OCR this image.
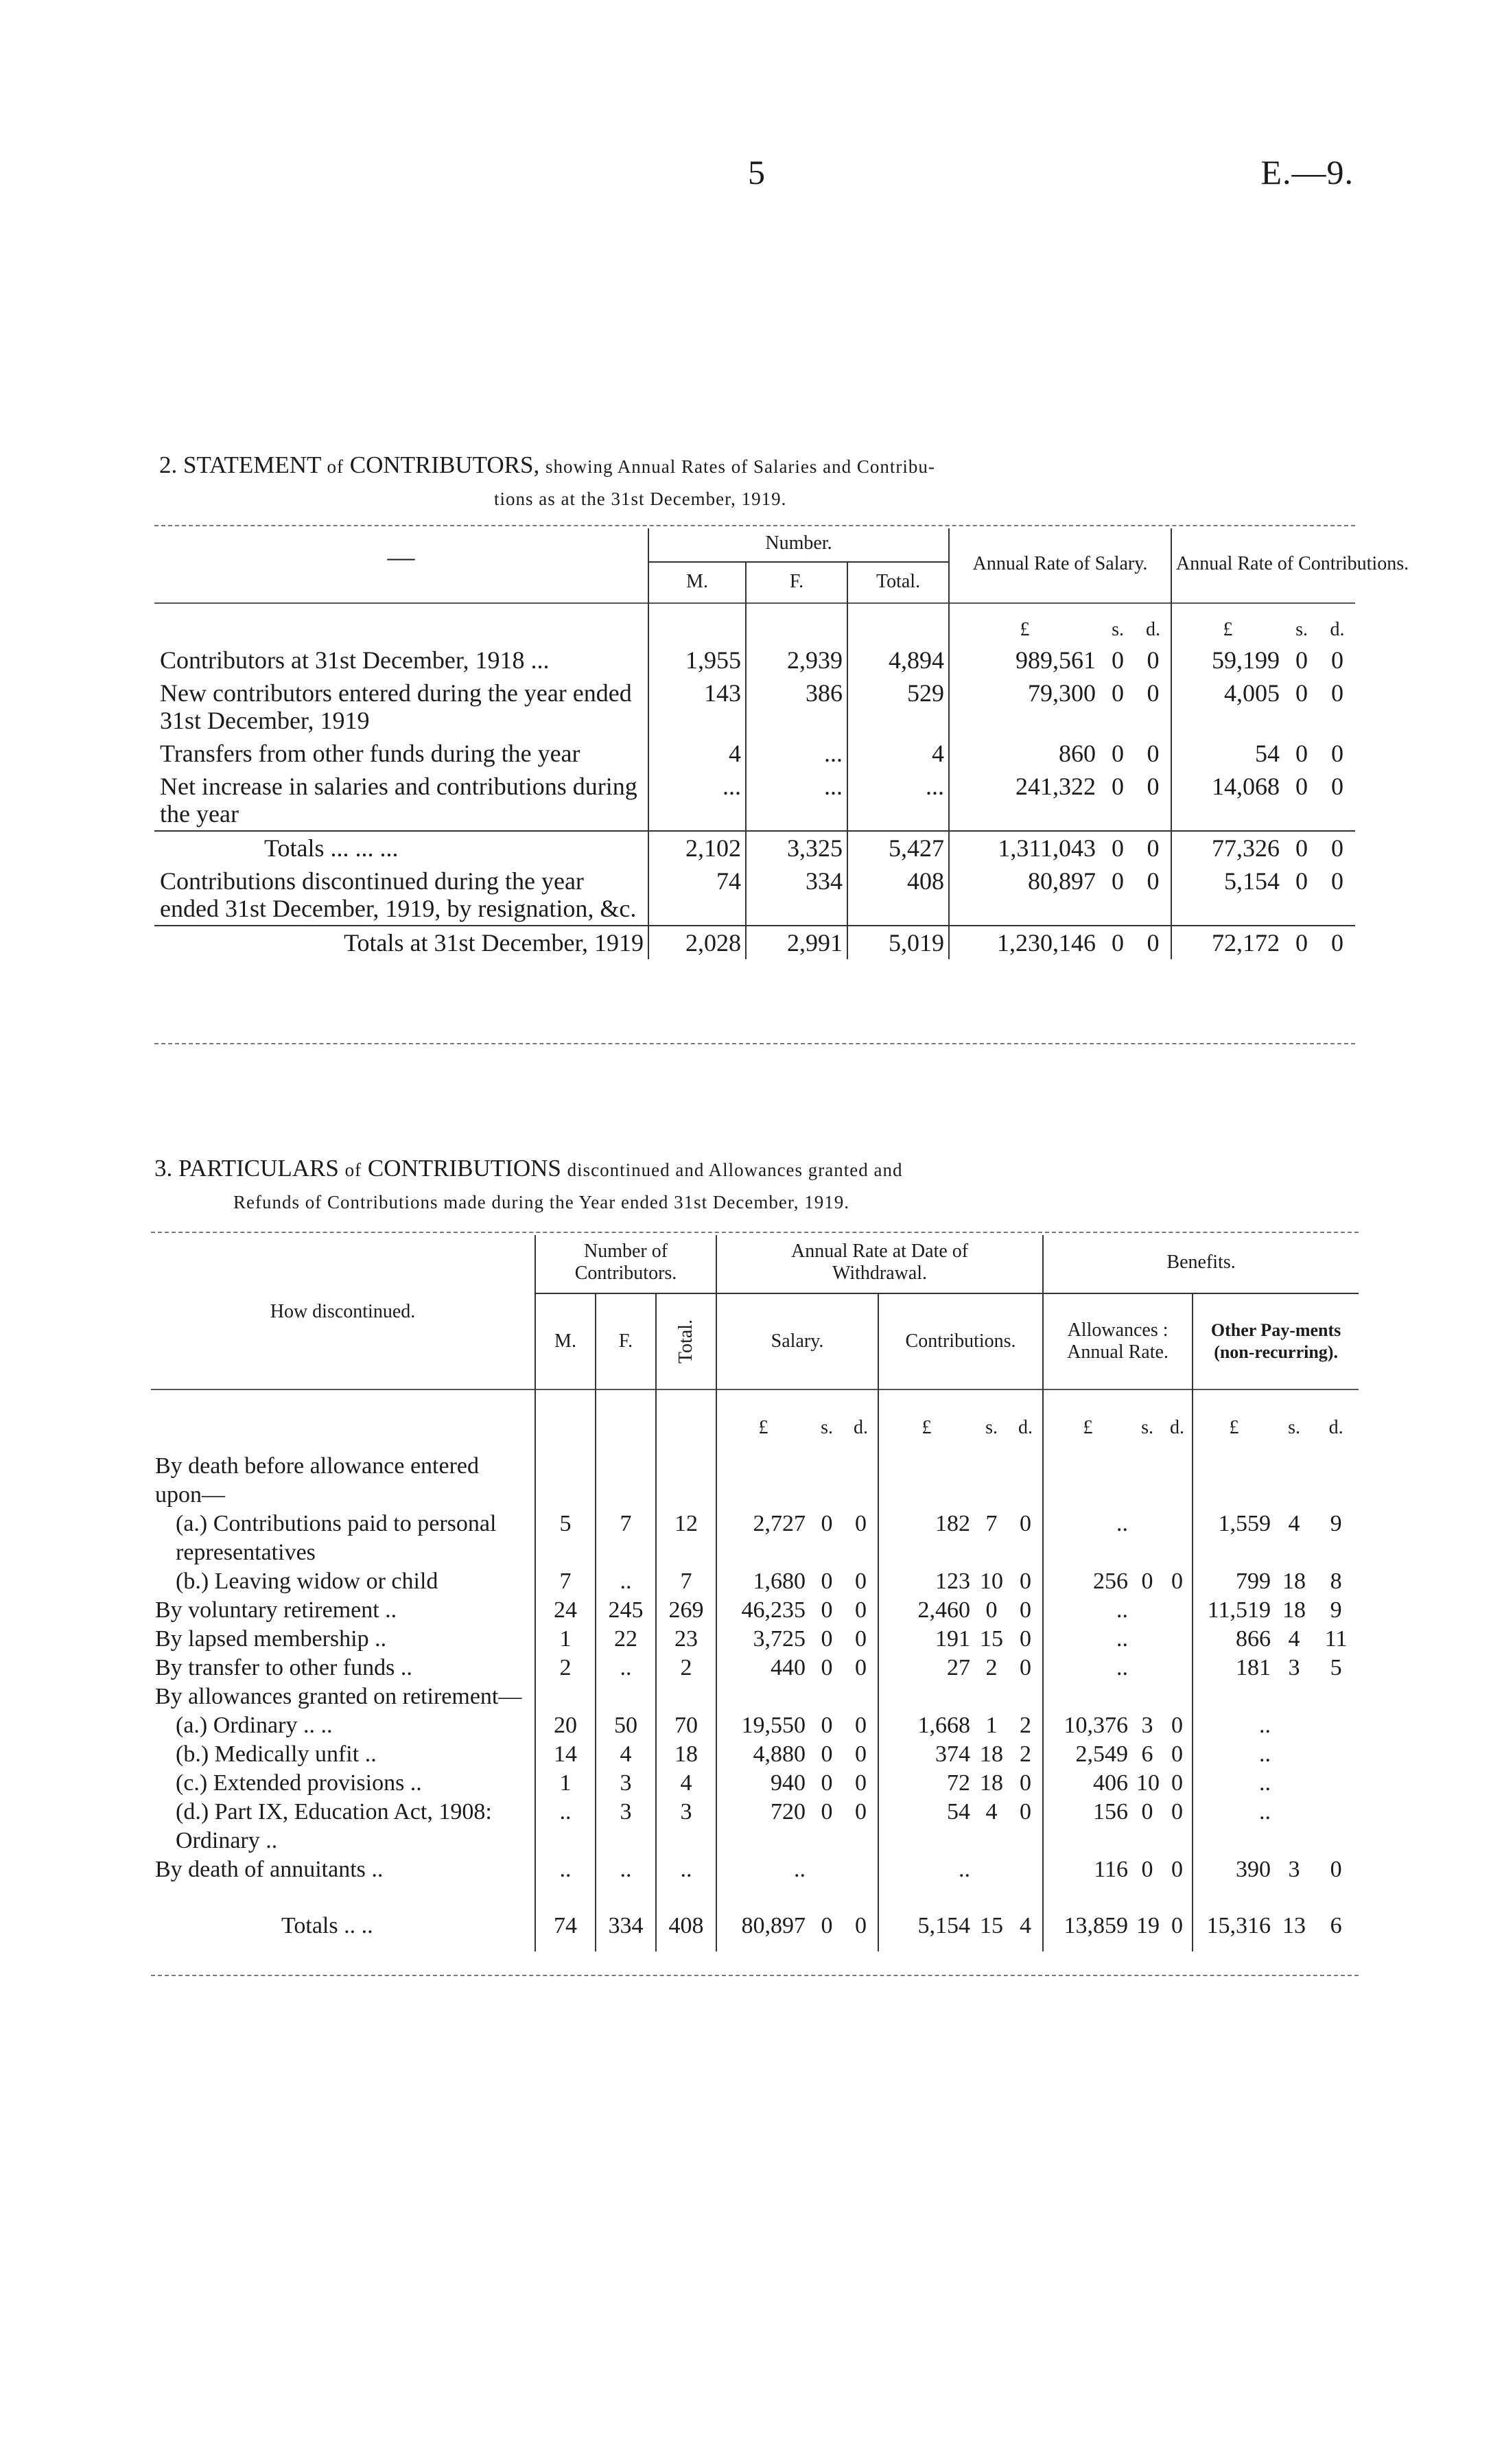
5	E.—9.
2. STATEMENT of CONTRIBUTORS, showing Annual Rates of Salaries and Contribu-
tions as at the 31st December, 1919.
—	Number.			Annual Rate of Salary.			Annual Rate of Contributions.		
	M.	F.	Total.						
				£	s.	d.	£	s.	d.
Contributors at 31st December, 1918 ...	1,955	2,939	4,894	989,561	0	0	59,199	0	0
New contributors entered during the year ended 31st December, 1919	143	386	529	79,300	0	0	4,005	0	0
Transfers from other funds during the year	4	...	4	860	0	0	54	0	0
Net increase in salaries and contributions during the year	...	...	...	241,322	0	0	14,068	0	0
Totals ... ... ...	2,102	3,325	5,427	1,311,043	0	0	77,326	0	0
Contributions discontinued during the year ended 31st December, 1919, by resignation, &c.	74	334	408	80,897	0	0	5,154	0	0
Totals at 31st December, 1919	2,028	2,991	5,019	1,230,146	0	0	72,172	0	0
3. PARTICULARS of CONTRIBUTIONS discontinued and Allowances granted and
Refunds of Contributions made during the Year ended 31st December, 1919.
How discontinued.	Number of Contributors.			Annual Rate at Date of Withdrawal.						Benefits.					
	M.	F.	Total.	Salary.			Contributions.			Allowances : Annual Rate.			Other Pay-ments (non-recurring).		
				£	s.	d.	£	s.	d.	£	s.	d.	£	s.	d.
By death before allowance entered upon—															
(a.) Contributions paid to personal representatives	5	7	12	2,727	0	0	182	7	0	..			1,559	4	9
(b.) Leaving widow or child	7	..	7	1,680	0	0	123	10	0	256	0	0	799	18	8
By voluntary retirement ..	24	245	269	46,235	0	0	2,460	0	0	..			11,519	18	9
By lapsed membership ..	1	22	23	3,725	0	0	191	15	0	..			866	4	11
By transfer to other funds ..	2	..	2	440	0	0	27	2	0	..			181	3	5
By allowances granted on retirement—															
(a.) Ordinary .. ..	20	50	70	19,550	0	0	1,668	1	2	10,376	3	0	..		
(b.) Medically unfit ..	14	4	18	4,880	0	0	374	18	2	2,549	6	0	..		
(c.) Extended provisions ..	1	3	4	940	0	0	72	18	0	406	10	0	..		
(d.) Part IX, Education Act, 1908: Ordinary ..	..	3	3	720	0	0	54	4	0	156	0	0	..		
By death of annuitants ..	..	..	..	..			..			116	0	0	390	3	0
Totals .. ..	74	334	408	80,897	0	0	5,154	15	4	13,859	19	0	15,316	13	6
